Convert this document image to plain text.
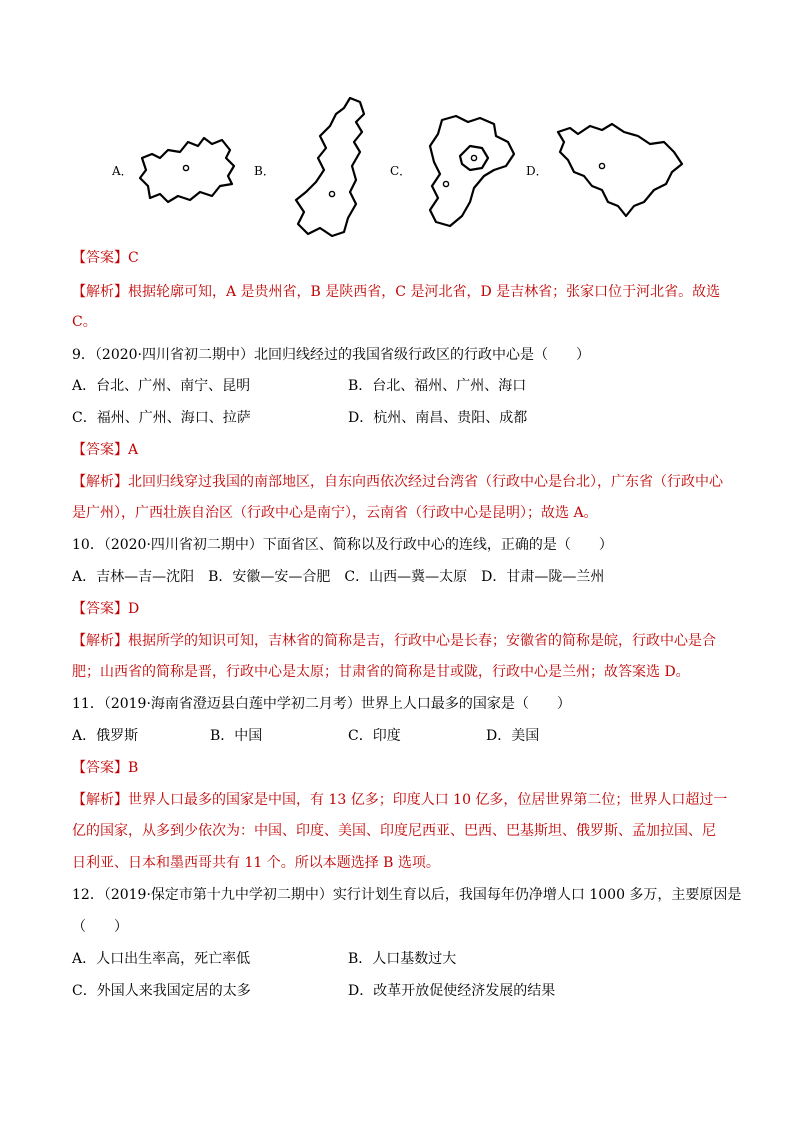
A．	B．	C．	D．
【答案】C
【解析】根据轮廓可知，A 是贵州省，B 是陕西省，C 是河北省，D 是吉林省；张家口位于河北省。故选
C。
9．（2020·四川省初二期中）北回归线经过的我国省级行政区的行政中心是（　　）
A．台北、广州、南宁、昆明	B．台北、福州、广州、海口
C．福州、广州、海口、拉萨	D．杭州、南昌、贵阳、成都
【答案】A
【解析】北回归线穿过我国的南部地区，自东向西依次经过台湾省（行政中心是台北），广东省（行政中心
是广州），广西壮族自治区（行政中心是南宁），云南省（行政中心是昆明）；故选 A。
10．（2020·四川省初二期中）下面省区、简称以及行政中心的连线，正确的是（　　）
A．吉林—吉—沈阳　B．安徽—安—合肥　C．山西—冀—太原　D．甘肃—陇—兰州
【答案】D
【解析】根据所学的知识可知，吉林省的简称是吉，行政中心是长春；安徽省的简称是皖，行政中心是合
肥；山西省的简称是晋，行政中心是太原；甘肃省的简称是甘或陇，行政中心是兰州；故答案选 D。
11．（2019·海南省澄迈县白莲中学初二月考）世界上人口最多的国家是（　　）
A．俄罗斯	B．中国	C．印度	D．美国
【答案】B
【解析】世界人口最多的国家是中国，有 13 亿多；印度人口 10 亿多，位居世界第二位；世界人口超过一
亿的国家，从多到少依次为：中国、印度、美国、印度尼西亚、巴西、巴基斯坦、俄罗斯、孟加拉国、尼
日利亚、日本和墨西哥共有 11 个。所以本题选择 B 选项。
12．（2019·保定市第十九中学初二期中）实行计划生育以后，我国每年仍净增人口 1000 多万，主要原因是
（　　）
A．人口出生率高，死亡率低	B．人口基数过大
C．外国人来我国定居的太多	D．改革开放促使经济发展的结果
